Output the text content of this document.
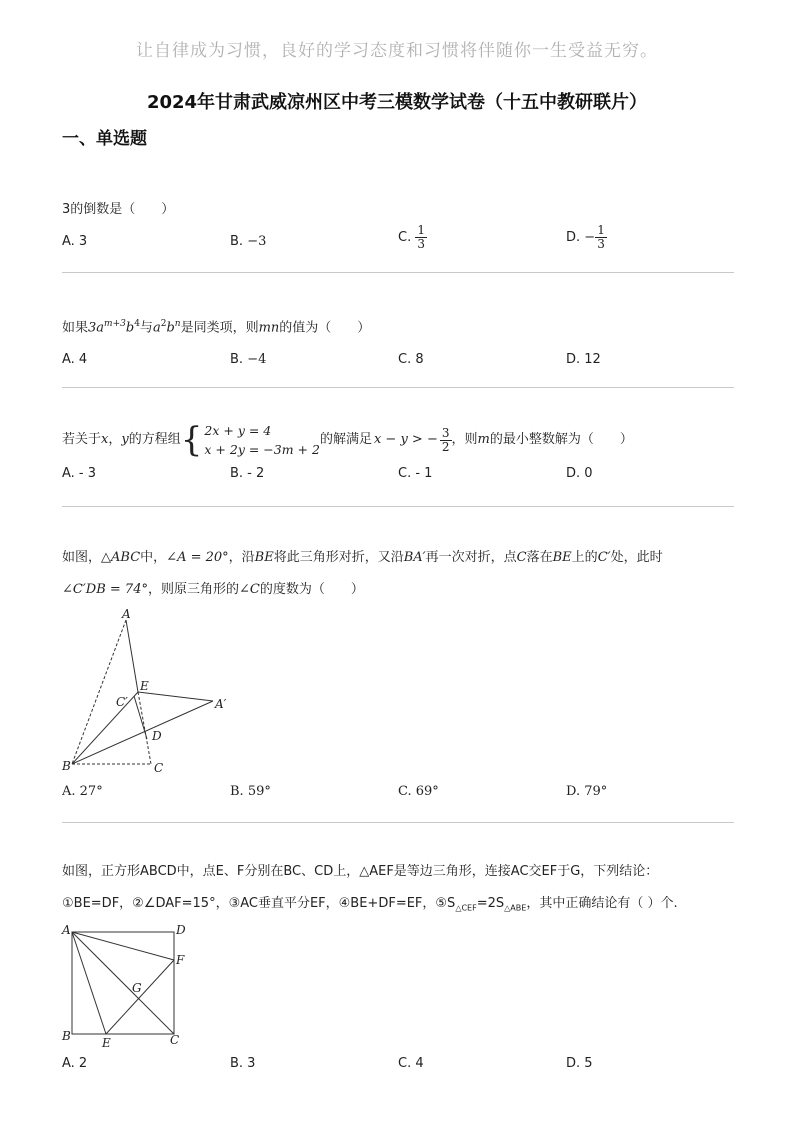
让自律成为习惯，良好的学习态度和习惯将伴随你一生受益无穷。
2024年甘肃武威凉州区中考三模数学试卷（十五中教研联片）
一、单选题
3的倒数是（　　）
A. 3	B. −3	C. $\frac{1}{3}$	D. − $\frac{1}{3}$
如果$3a^{m+3}b^4$与$a^2b^n$是同类项，则mn的值为（　　）
A. 4	B. −4	C. 8	D. 12
若关于 x ， y 的方程组 { 2x + y = 4
x + 2y = −3m + 2
的解满足 x − y > − $\frac{3}{2}$ ，则 m 的最小整数解为（　　）
A. - 3	B. - 2	C. - 1	D. 0
如图，△ABC中，∠A = 20°，沿BE将此三角形对折，又沿BA′再一次对折，点C落在BE上的C′处，此时
∠C′DB = 74°，则原三角形的∠C的度数为（　　）
A
E
C′	A′
D
B	C
A. 27°	B. 59°	C. 69°	D. 79°
如图，正方形ABCD中，点E、F分别在BC、CD上，△AEF是等边三角形，连接AC交EF于G，下列结论：
①BE=DF，②∠DAF=15°，③AC垂直平分EF，④BE+DF=EF，$⑤S_{\triangle CEF}=2S_{\triangle ABE}$，其中正确结论有（ ）个.
A	D
F
G
B	E	C
A. 2	B. 3	C. 4	D. 5
